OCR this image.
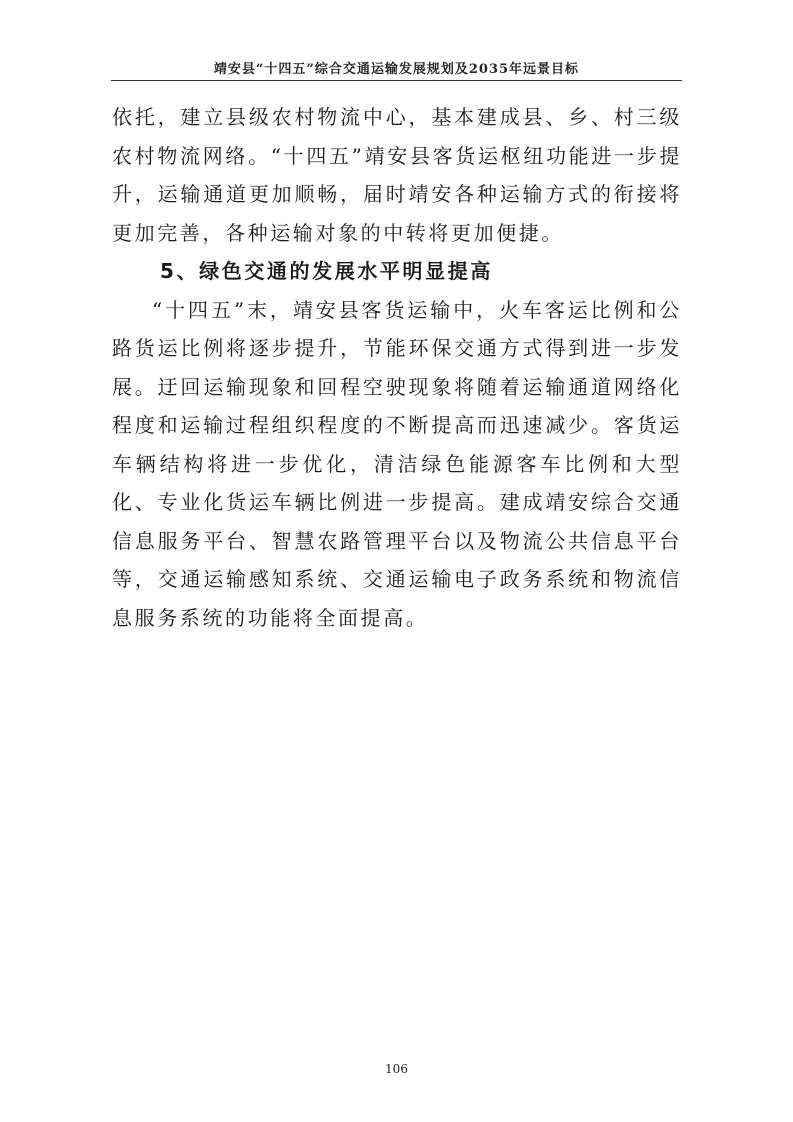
靖安县“十四五”综合交通运输发展规划及2035年远景目标

依托，建立县级农村物流中心，基本建成县、乡、村三级农村物流网络。“十四五”靖安县客货运枢纽功能进一步提升，运输通道更加顺畅，届时靖安各种运输方式的衔接将更加完善，各种运输对象的中转将更加便捷。

5、绿色交通的发展水平明显提高

“十四五”末，靖安县客货运输中，火车客运比例和公路货运比例将逐步提升，节能环保交通方式得到进一步发展。迂回运输现象和回程空驶现象将随着运输通道网络化程度和运输过程组织程度的不断提高而迅速减少。客货运车辆结构将进一步优化，清洁绿色能源客车比例和大型化、专业化货运车辆比例进一步提高。建成靖安综合交通信息服务平台、智慧农路管理平台以及物流公共信息平台等，交通运输感知系统、交通运输电子政务系统和物流信息服务系统的功能将全面提高。

106
